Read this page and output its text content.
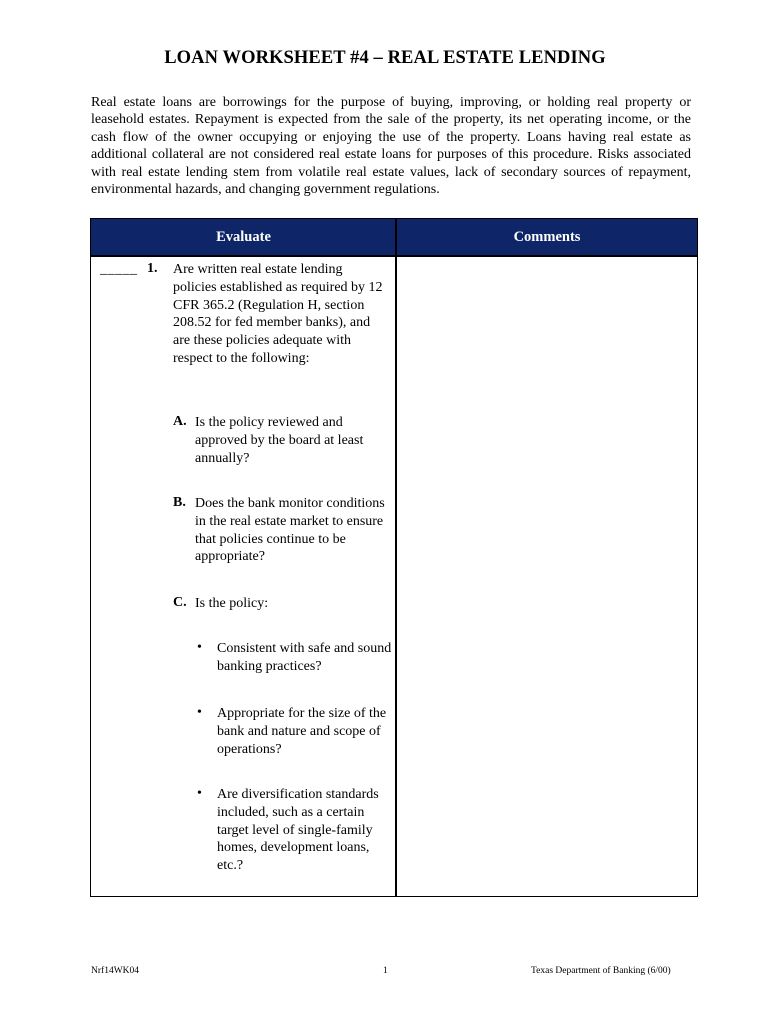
LOAN WORKSHEET #4 – REAL ESTATE LENDING
Real estate loans are borrowings for the purpose of buying, improving, or holding real property or leasehold estates. Repayment is expected from the sale of the property, its net operating income, or the cash flow of the owner occupying or enjoying the use of the property. Loans having real estate as additional collateral are not considered real estate loans for purposes of this procedure. Risks associated with real estate lending stem from volatile real estate values, lack of secondary sources of repayment, environmental hazards, and changing government regulations.
Evaluate	Comments
_____ 1. Are written real estate lending policies established as required by 12 CFR 365.2 (Regulation H, section 208.52 for fed member banks), and are these policies adequate with respect to the following:
A. Is the policy reviewed and approved by the board at least annually?
B. Does the bank monitor conditions in the real estate market to ensure that policies continue to be appropriate?
C. Is the policy:
• Consistent with safe and sound banking practices?
• Appropriate for the size of the bank and nature and scope of operations?
• Are diversification standards included, such as a certain target level of single-family homes, development loans, etc.?
Nrf14WK04	1	Texas Department of Banking (6/00)
